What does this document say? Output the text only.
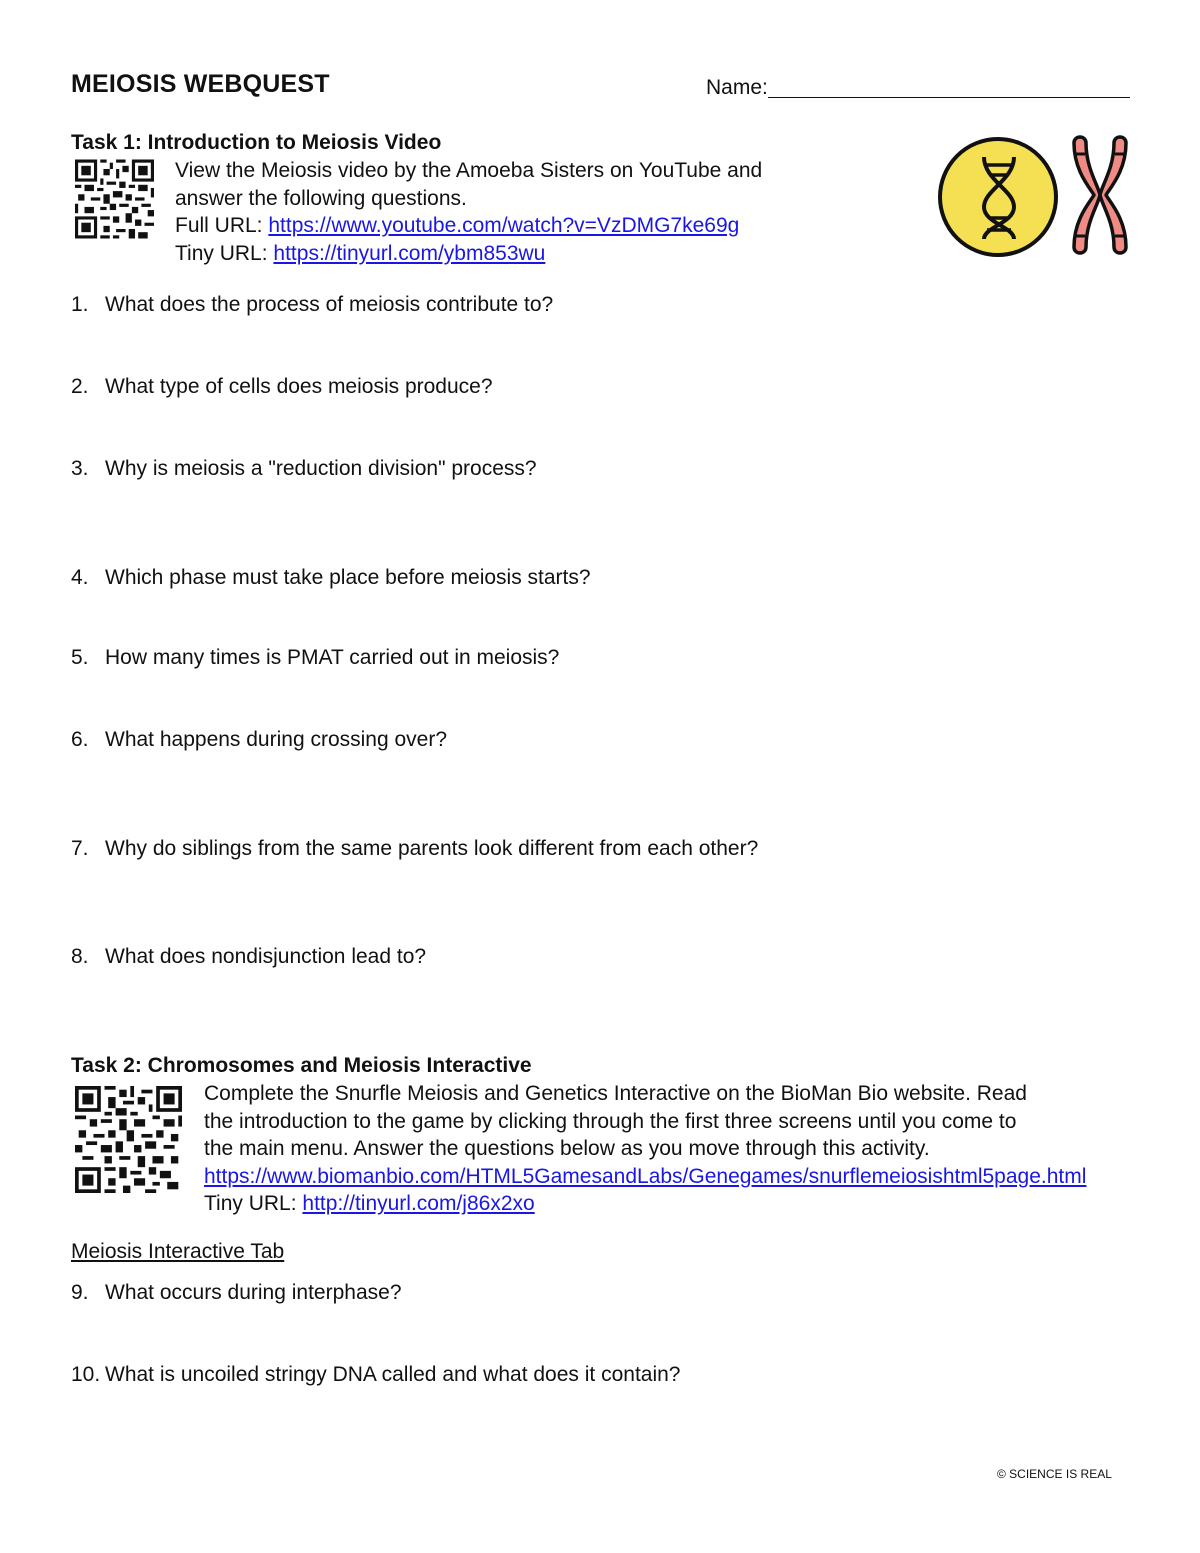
MEIOSIS WEBQUEST	Name:
Task 1: Introduction to Meiosis Video
View the Meiosis video by the Amoeba Sisters on YouTube and
answer the following questions.
Full URL: https://www.youtube.com/watch?v=VzDMG7ke69g
Tiny URL: https://tinyurl.com/ybm853wu
1. What does the process of meiosis contribute to?
2. What type of cells does meiosis produce?
3. Why is meiosis a "reduction division" process?
4. Which phase must take place before meiosis starts?
5. How many times is PMAT carried out in meiosis?
6. What happens during crossing over?
7. Why do siblings from the same parents look different from each other?
8. What does nondisjunction lead to?
Task 2: Chromosomes and Meiosis Interactive
Complete the Snurfle Meiosis and Genetics Interactive on the BioMan Bio website. Read
the introduction to the game by clicking through the first three screens until you come to
the main menu. Answer the questions below as you move through this activity.
https://www.biomanbio.com/HTML5GamesandLabs/Genegames/snurflemeiosishtml5page.html
Tiny URL: http://tinyurl.com/j86x2xo
Meiosis Interactive Tab
9. What occurs during interphase?
10. What is uncoiled stringy DNA called and what does it contain?
© SCIENCE IS REAL
